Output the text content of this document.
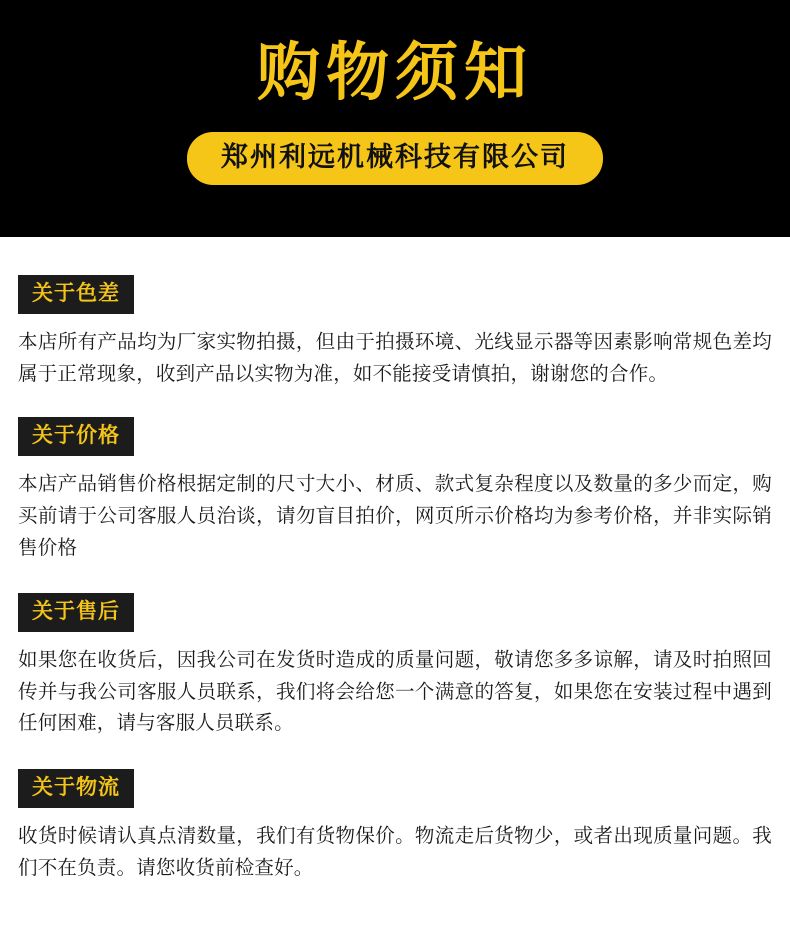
购物须知
郑州利远机械科技有限公司
关于色差
本店所有产品均为厂家实物拍摄，但由于拍摄环境、光线显示器等因素影响常规色差均属于正常现象，收到产品以实物为准，如不能接受请慎拍，谢谢您的合作。
关于价格
本店产品销售价格根据定制的尺寸大小、材质、款式复杂程度以及数量的多少而定，购买前请于公司客服人员治谈，请勿盲目拍价，网页所示价格均为参考价格，并非实际销售价格
关于售后
如果您在收货后，因我公司在发货时造成的质量问题，敬请您多多谅解，请及时拍照回传并与我公司客服人员联系，我们将会给您一个满意的答复，如果您在安装过程中遇到任何困难，请与客服人员联系。
关于物流
收货时候请认真点清数量，我们有货物保价。物流走后货物少，或者出现质量问题。我们不在负责。请您收货前检查好。
